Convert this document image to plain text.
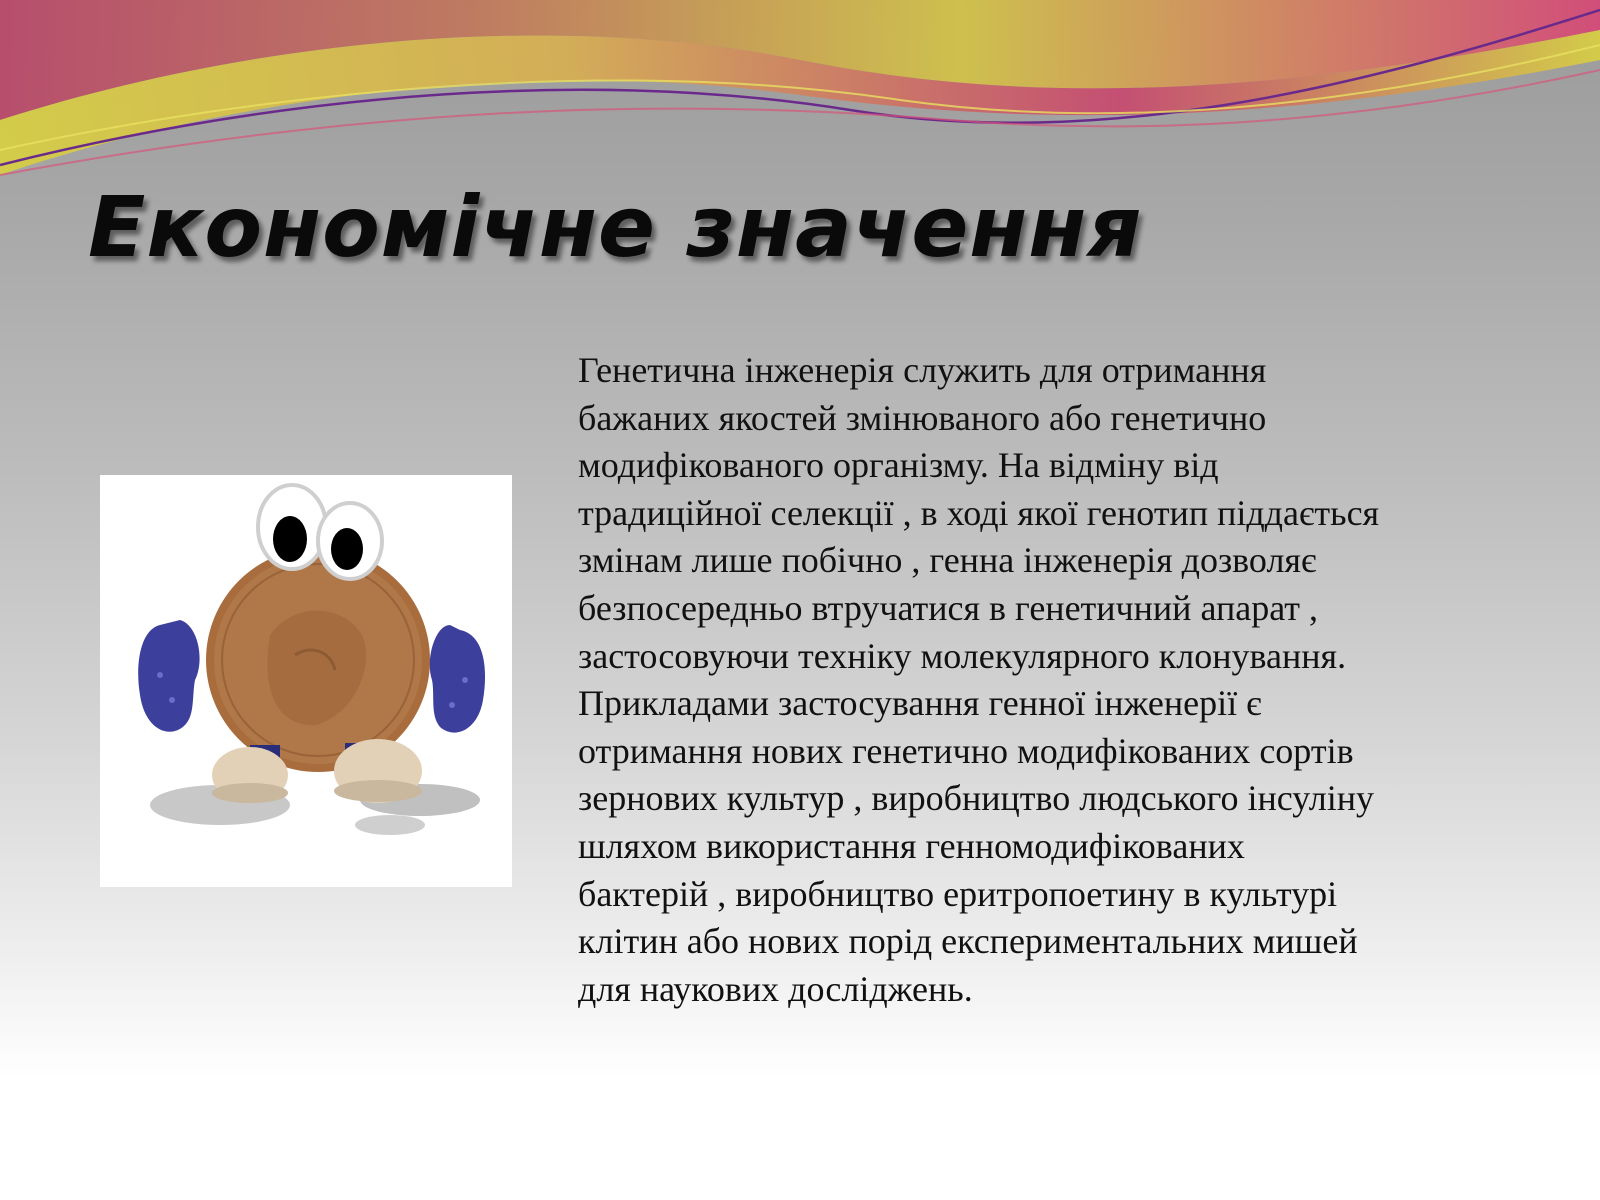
Економічне значення
Генетична інженерія служить для отримання
бажаних якостей змінюваного або генетично
модифікованого організму. На відміну від
традиційної селекції , в ході якої генотип піддається
змінам лише побічно , генна інженерія дозволяє
безпосередньо втручатися в генетичний апарат ,
застосовуючи техніку молекулярного клонування.
Прикладами застосування генної інженерії є
отримання нових генетично модифікованих сортів
зернових культур , виробництво людського інсуліну
шляхом використання генномодифікованих
бактерій , виробництво еритропоетину в культурі
клітин або нових порід експериментальних мишей
для наукових досліджень.
